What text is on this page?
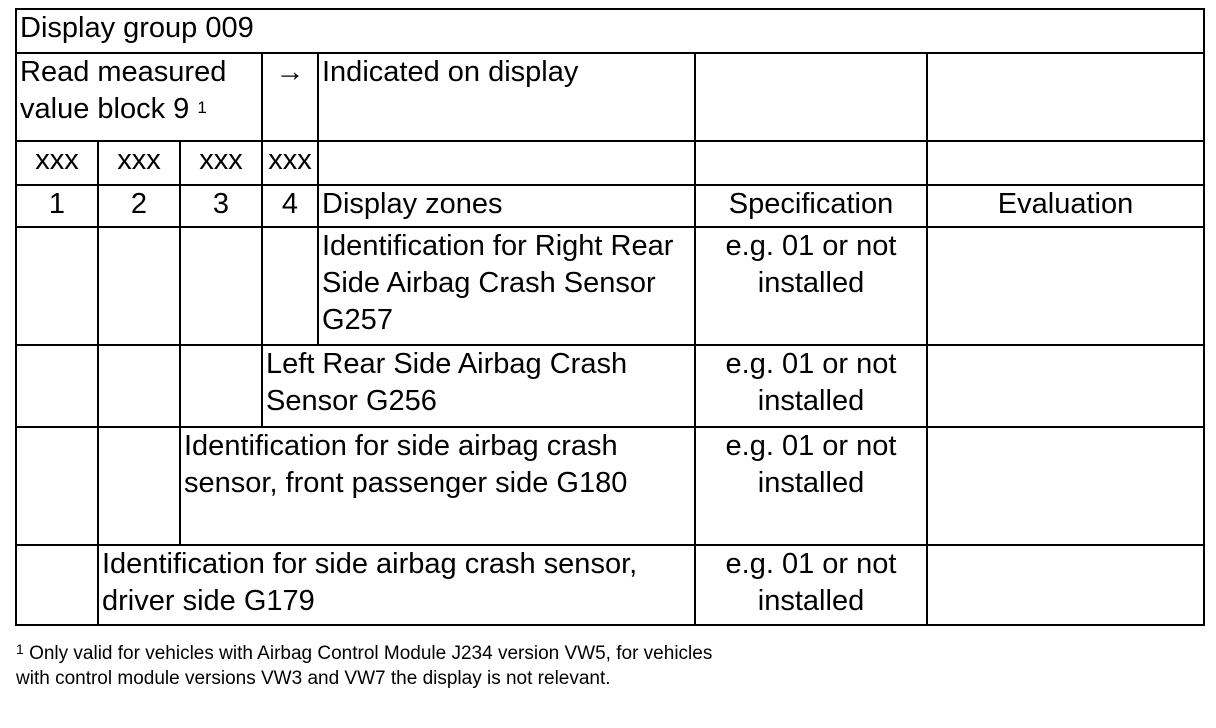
Display group 009						
Read measured value block 9 $^1$			→	Indicated on display		
xxx	xxx	xxx	xxx			
1	2	3	4	Display zones	Specification	Evaluation
				Identification for Right Rear Side Airbag Crash Sensor G257	e.g. 01 or not installed	
			Left Rear Side Airbag Crash Sensor G256		e.g. 01 or not installed	
		Identification for side airbag crash sensor, front passenger side G180			e.g. 01 or not installed	
	Identification for side airbag crash sensor, driver side G179				e.g. 01 or not installed	
$^1$ Only valid for vehicles with Airbag Control Module J234 version VW5, for vehicles with control module versions VW3 and VW7 the display is not relevant.
